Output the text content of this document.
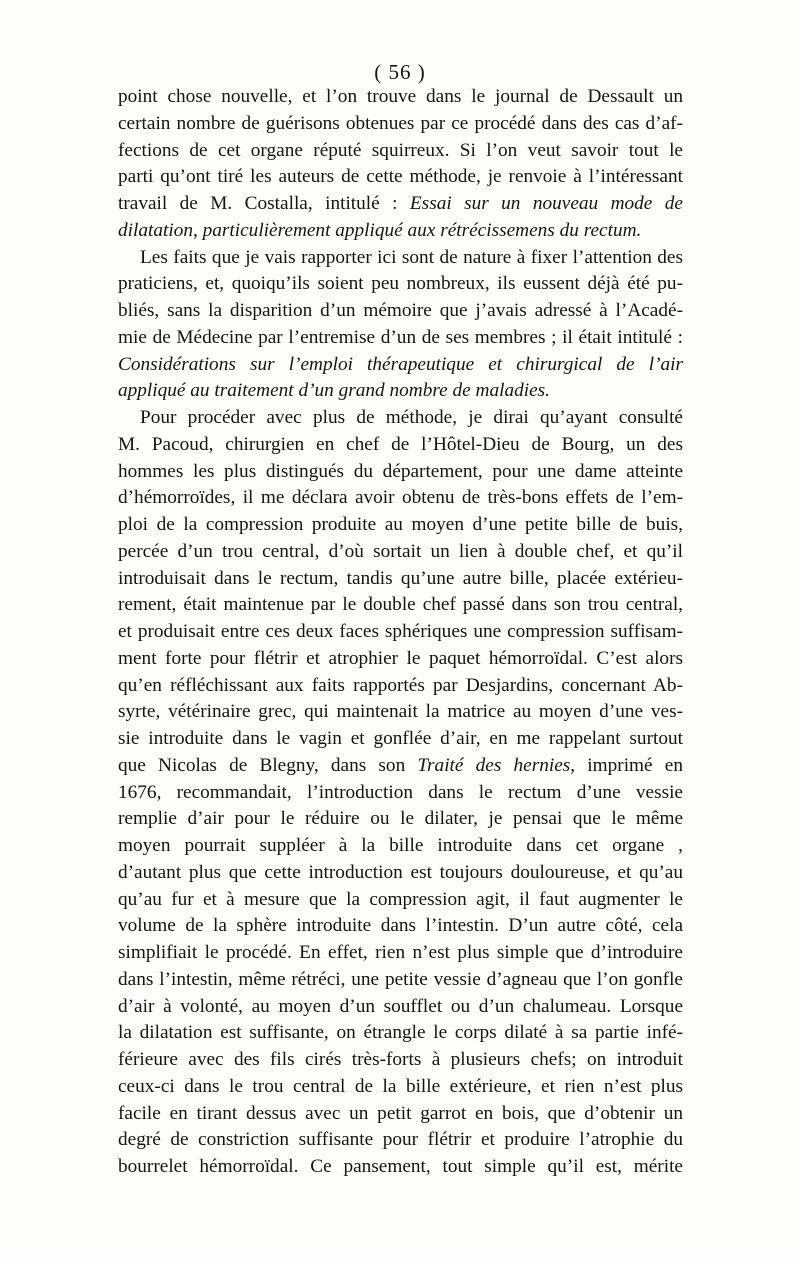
( 56 )
point chose nouvelle, et l’on trouve dans le journal de Dessault un
certain nombre de guérisons obtenues par ce procédé dans des cas d’af-
fections de cet organe réputé squirreux. Si l’on veut savoir tout le
parti qu’ont tiré les auteurs de cette méthode, je renvoie à l’intéressant
travail de M. Costalla, intitulé : Essai sur un nouveau mode de
dilatation, particulièrement appliqué aux rétrécissemens du rectum.
Les faits que je vais rapporter ici sont de nature à fixer l’attention des
praticiens, et, quoiqu’ils soient peu nombreux, ils eussent déjà été pu-
bliés, sans la disparition d’un mémoire que j’avais adressé à l’Acadé-
mie de Médecine par l’entremise d’un de ses membres ; il était intitulé :
Considérations sur l’emploi thérapeutique et chirurgical de l’air
appliqué au traitement d’un grand nombre de maladies.
Pour procéder avec plus de méthode, je dirai qu’ayant consulté
M. Pacoud, chirurgien en chef de l’Hôtel-Dieu de Bourg, un des
hommes les plus distingués du département, pour une dame atteinte
d’hémorroïdes, il me déclara avoir obtenu de très-bons effets de l’em-
ploi de la compression produite au moyen d’une petite bille de buis,
percée d’un trou central, d’où sortait un lien à double chef, et qu’il
introduisait dans le rectum, tandis qu’une autre bille, placée extérieu-
rement, était maintenue par le double chef passé dans son trou central,
et produisait entre ces deux faces sphériques une compression suffisam-
ment forte pour flétrir et atrophier le paquet hémorroïdal. C’est alors
qu’en réfléchissant aux faits rapportés par Desjardins, concernant Ab-
syrte, vétérinaire grec, qui maintenait la matrice au moyen d’une ves-
sie introduite dans le vagin et gonflée d’air, en me rappelant surtout
que Nicolas de Blegny, dans son Traité des hernies, imprimé en
1676, recommandait, l’introduction dans le rectum d’une vessie
remplie d’air pour le réduire ou le dilater, je pensai que le même
moyen pourrait suppléer à la bille introduite dans cet organe ,
d’autant plus que cette introduction est toujours douloureuse, et qu’au
qu’au fur et à mesure que la compression agit, il faut augmenter le
volume de la sphère introduite dans l’intestin. D’un autre côté, cela
simplifiait le procédé. En effet, rien n’est plus simple que d’introduire
dans l’intestin, même rétréci, une petite vessie d’agneau que l’on gonfle
d’air à volonté, au moyen d’un soufflet ou d’un chalumeau. Lorsque
la dilatation est suffisante, on étrangle le corps dilaté à sa partie infé-
férieure avec des fils cirés très-forts à plusieurs chefs; on introduit
ceux-ci dans le trou central de la bille extérieure, et rien n’est plus
facile en tirant dessus avec un petit garrot en bois, que d’obtenir un
degré de constriction suffisante pour flétrir et produire l’atrophie du
bourrelet hémorroïdal. Ce pansement, tout simple qu’il est, mérite
